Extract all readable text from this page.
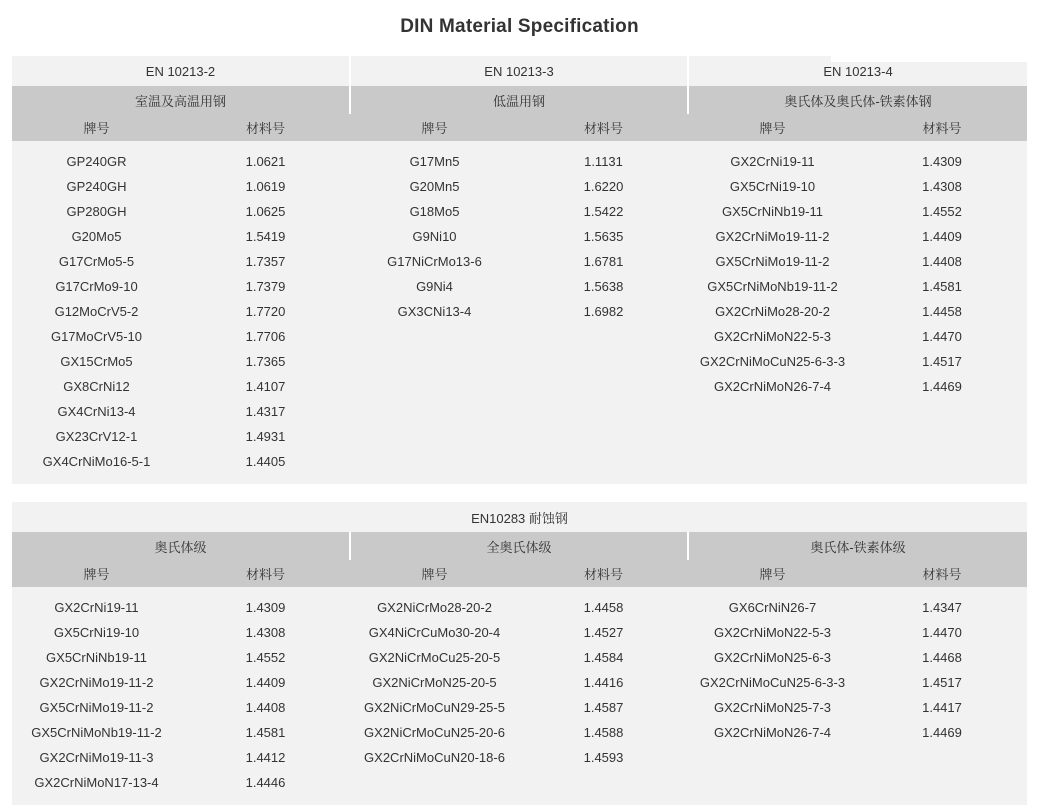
DIN Material Specification
EN 10213-2		EN 10213-3		EN 10213-4	
室温及高温用钢		低温用钢		奥氏体及奥氏体-铁素体钢	
牌号	材料号	牌号	材料号	牌号	材料号
GP240GR	1.0621	G17Mn5	1.1131	GX2CrNi19-11	1.4309
GP240GH	1.0619	G20Mn5	1.6220	GX5CrNi19-10	1.4308
GP280GH	1.0625	G18Mo5	1.5422	GX5CrNiNb19-11	1.4552
G20Mo5	1.5419	G9Ni10	1.5635	GX2CrNiMo19-11-2	1.4409
G17CrMo5-5	1.7357	G17NiCrMo13-6	1.6781	GX5CrNiMo19-11-2	1.4408
G17CrMo9-10	1.7379	G9Ni4	1.5638	GX5CrNiMoNb19-11-2	1.4581
G12MoCrV5-2	1.7720	GX3CNi13-4	1.6982	GX2CrNiMo28-20-2	1.4458
G17MoCrV5-10	1.7706			GX2CrNiMoN22-5-3	1.4470
GX15CrMo5	1.7365			GX2CrNiMoCuN25-6-3-3	1.4517
GX8CrNi12	1.4107			GX2CrNiMoN26-7-4	1.4469
GX4CrNi13-4	1.4317				
GX23CrV12-1	1.4931				
GX4CrNiMo16-5-1	1.4405				
EN10283 耐蚀钢					
奥氏体级		全奥氏体级		奥氏体-铁素体级	
牌号	材料号	牌号	材料号	牌号	材料号
GX2CrNi19-11	1.4309	GX2NiCrMo28-20-2	1.4458	GX6CrNiN26-7	1.4347
GX5CrNi19-10	1.4308	GX4NiCrCuMo30-20-4	1.4527	GX2CrNiMoN22-5-3	1.4470
GX5CrNiNb19-11	1.4552	GX2NiCrMoCu25-20-5	1.4584	GX2CrNiMoN25-6-3	1.4468
GX2CrNiMo19-11-2	1.4409	GX2NiCrMoN25-20-5	1.4416	GX2CrNiMoCuN25-6-3-3	1.4517
GX5CrNiMo19-11-2	1.4408	GX2NiCrMoCuN29-25-5	1.4587	GX2CrNiMoN25-7-3	1.4417
GX5CrNiMoNb19-11-2	1.4581	GX2NiCrMoCuN25-20-6	1.4588	GX2CrNiMoN26-7-4	1.4469
GX2CrNiMo19-11-3	1.4412	GX2CrNiMoCuN20-18-6	1.4593		
GX2CrNiMoN17-13-4	1.4446				
